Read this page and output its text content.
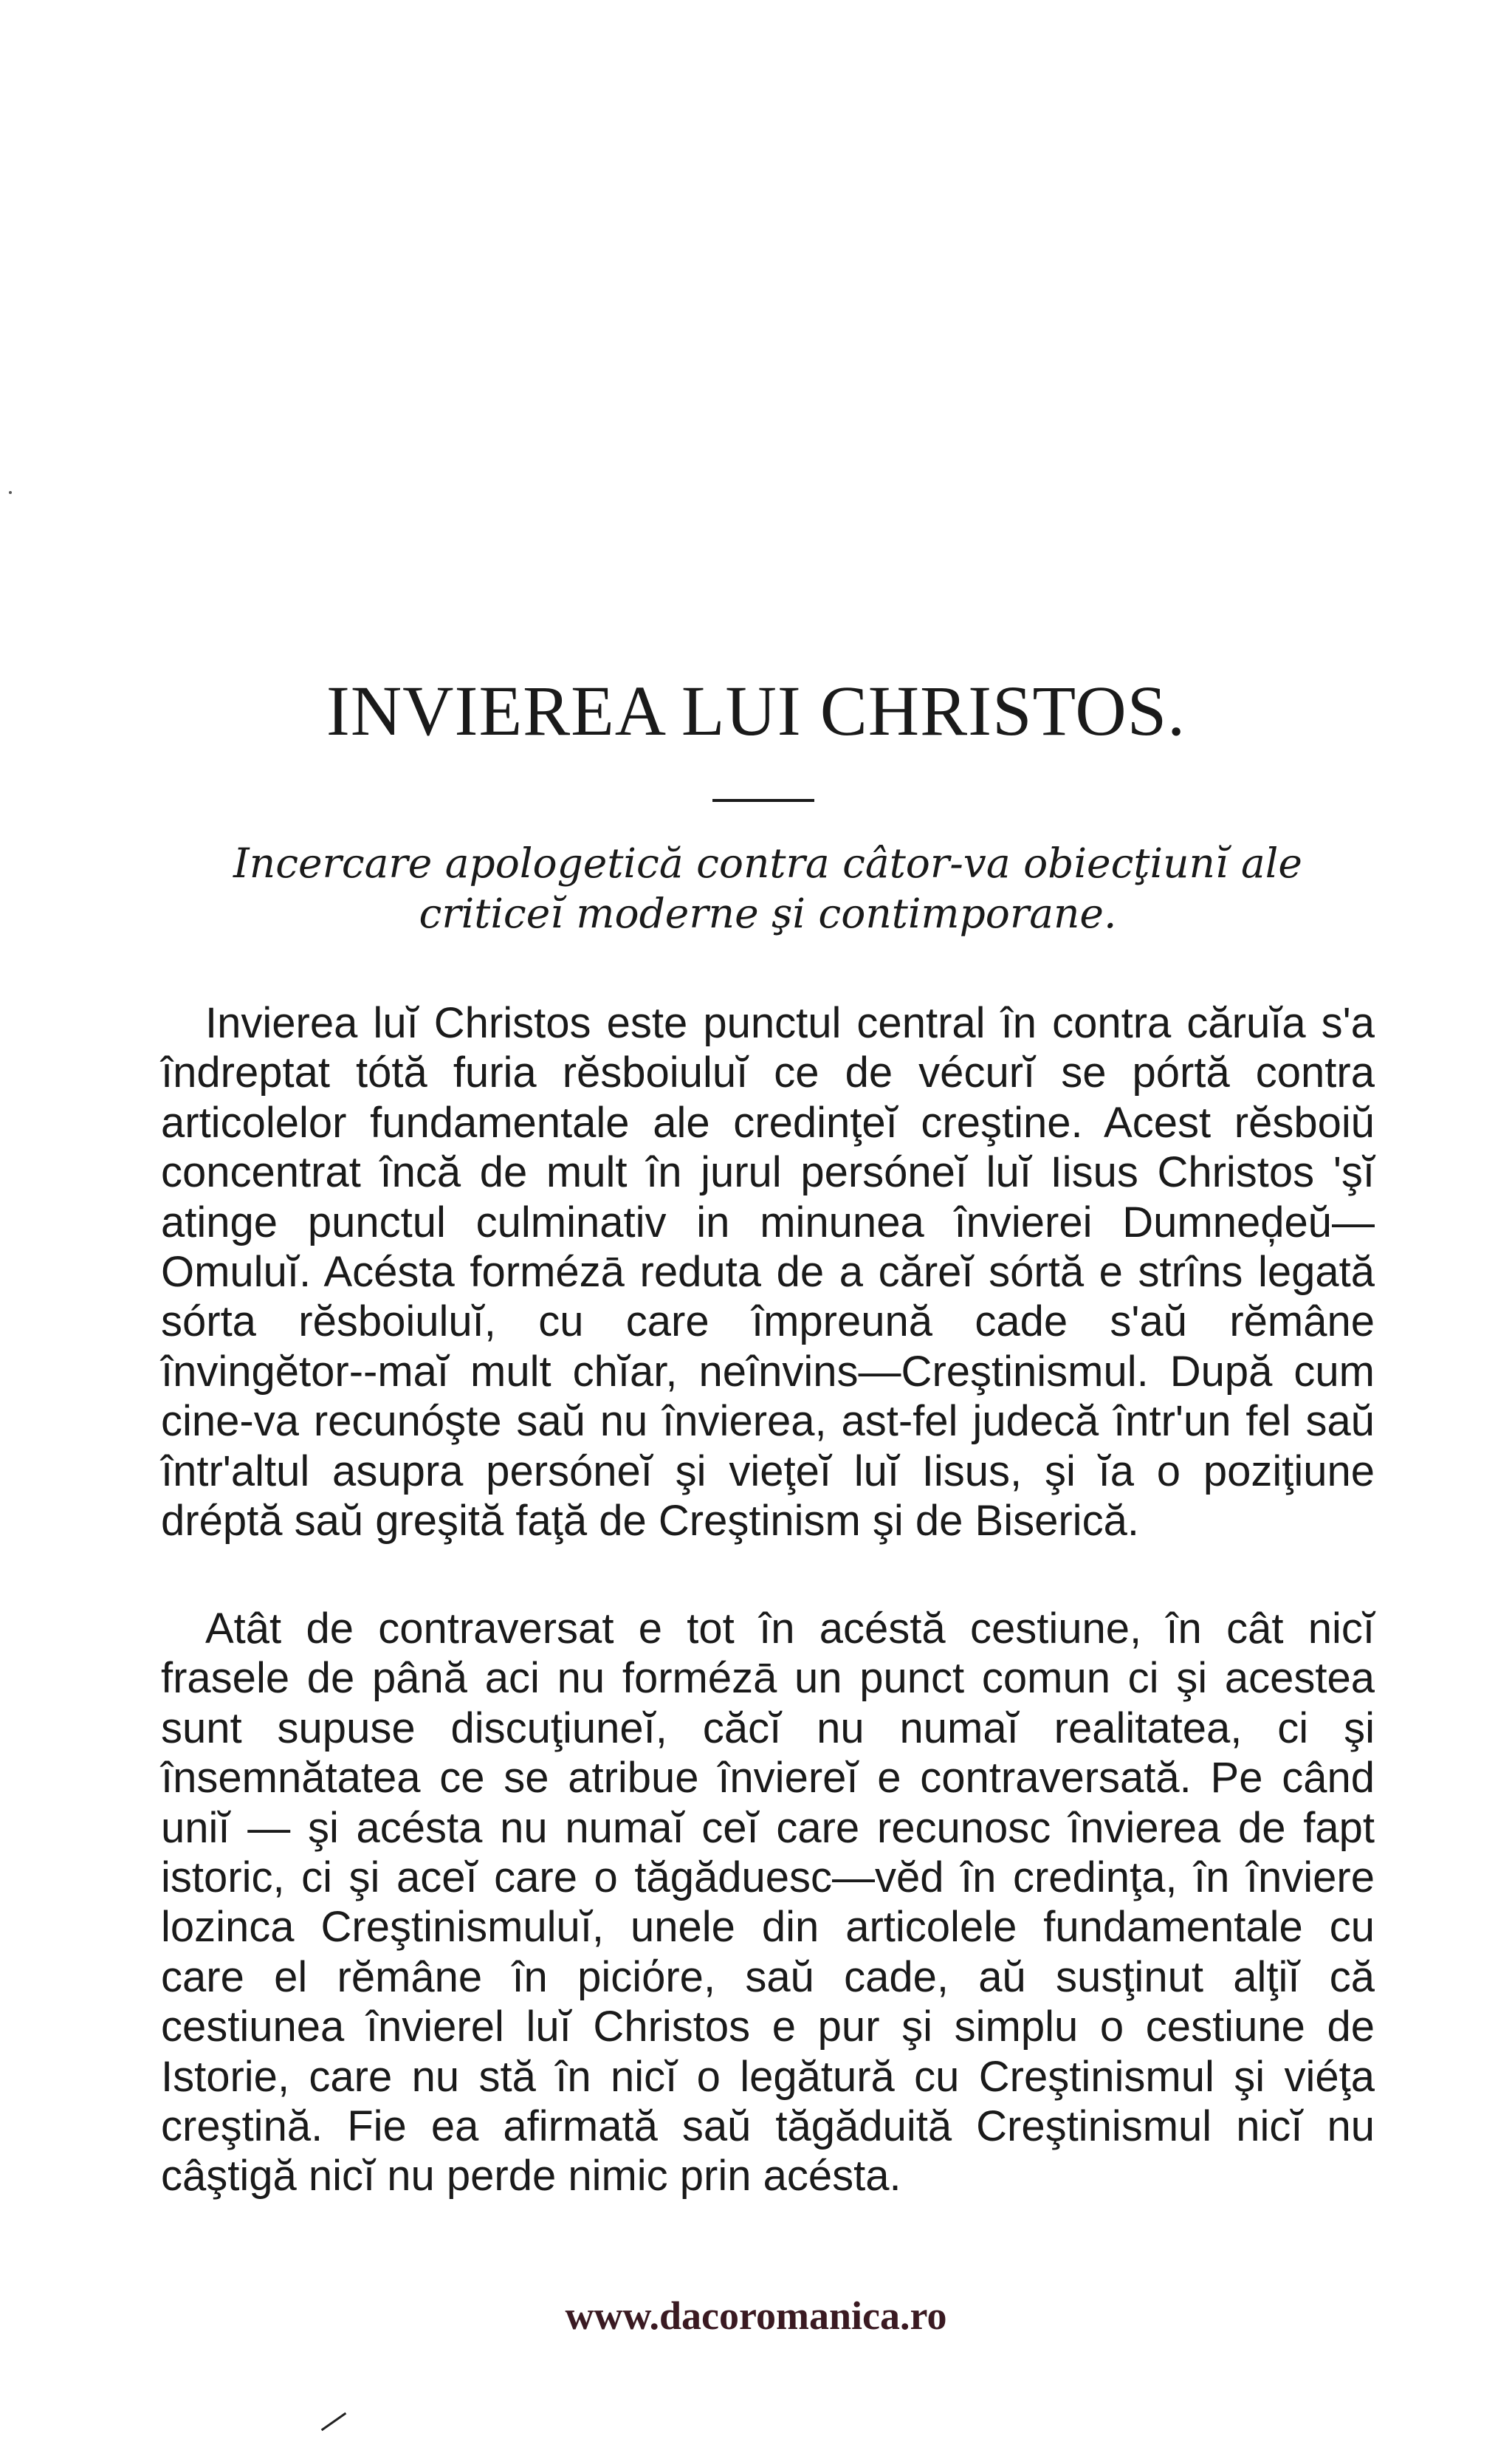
INVIEREA LUI CHRISTOS.
Incercare apologetică contra câtor-va obiecţiunĭ ale criticeĭ moderne şi contimporane.

Invierea luĭ Christos este punctul central în contra căruĭa s'a îndreptat tótă furia rĕsboiuluĭ ce de vécurĭ se pórtă contra articolelor fundamentale ale credinţeĭ creştine. Acest rĕsboiŭ concentrat încă de mult în jurul persóneĭ luĭ Iisus Christos 'şĭ atinge punctul culminativ in minunea învierei Dumneḑeŭ—Omuluĭ. Acésta formézā reduta de a căreĭ sórtă e strîns legată sórta rĕsboiuluĭ, cu care împreună cade s'aŭ rĕmâne învingĕtor--maĭ mult chĭar, neînvins—Creştinismul. După cum cine-va recunóşte saŭ nu învierea, ast-fel judecă într'un fel saŭ într'altul asupra persóneĭ şi vieţeĭ luĭ Iisus, şi ĭa o poziţiune dréptă saŭ greşită faţă de Creştinism şi de Biserică.

Atât de contraversat e tot în acéstă cestiune, în cât nicĭ frasele de până aci nu formézā un punct comun ci şi acestea sunt supuse discuţiuneĭ, căcĭ nu numaĭ realitatea, ci şi însemnătatea ce se atribue înviereĭ e contraversată. Pe când uniĭ — şi acésta nu numaĭ ceĭ care recunosc învierea de fapt istoric, ci şi aceĭ care o tăgăduesc—vĕd în credinţa, în înviere lozinca Creştinismuluĭ, unele din articolele fundamentale cu care el rĕmâne în piciόre, saŭ cade, aŭ susţinut alţiĭ că cestiunea învierel luĭ Christos e pur şi simplu o cestiune de Istorie, care nu stă în nicĭ o legătură cu Creştinismul şi viéţa creştină. Fie ea afirmată saŭ tăgăduită Creştinismul nicĭ nu câştigă nicĭ nu perde nimic prin acésta.

www.dacoromanica.ro
